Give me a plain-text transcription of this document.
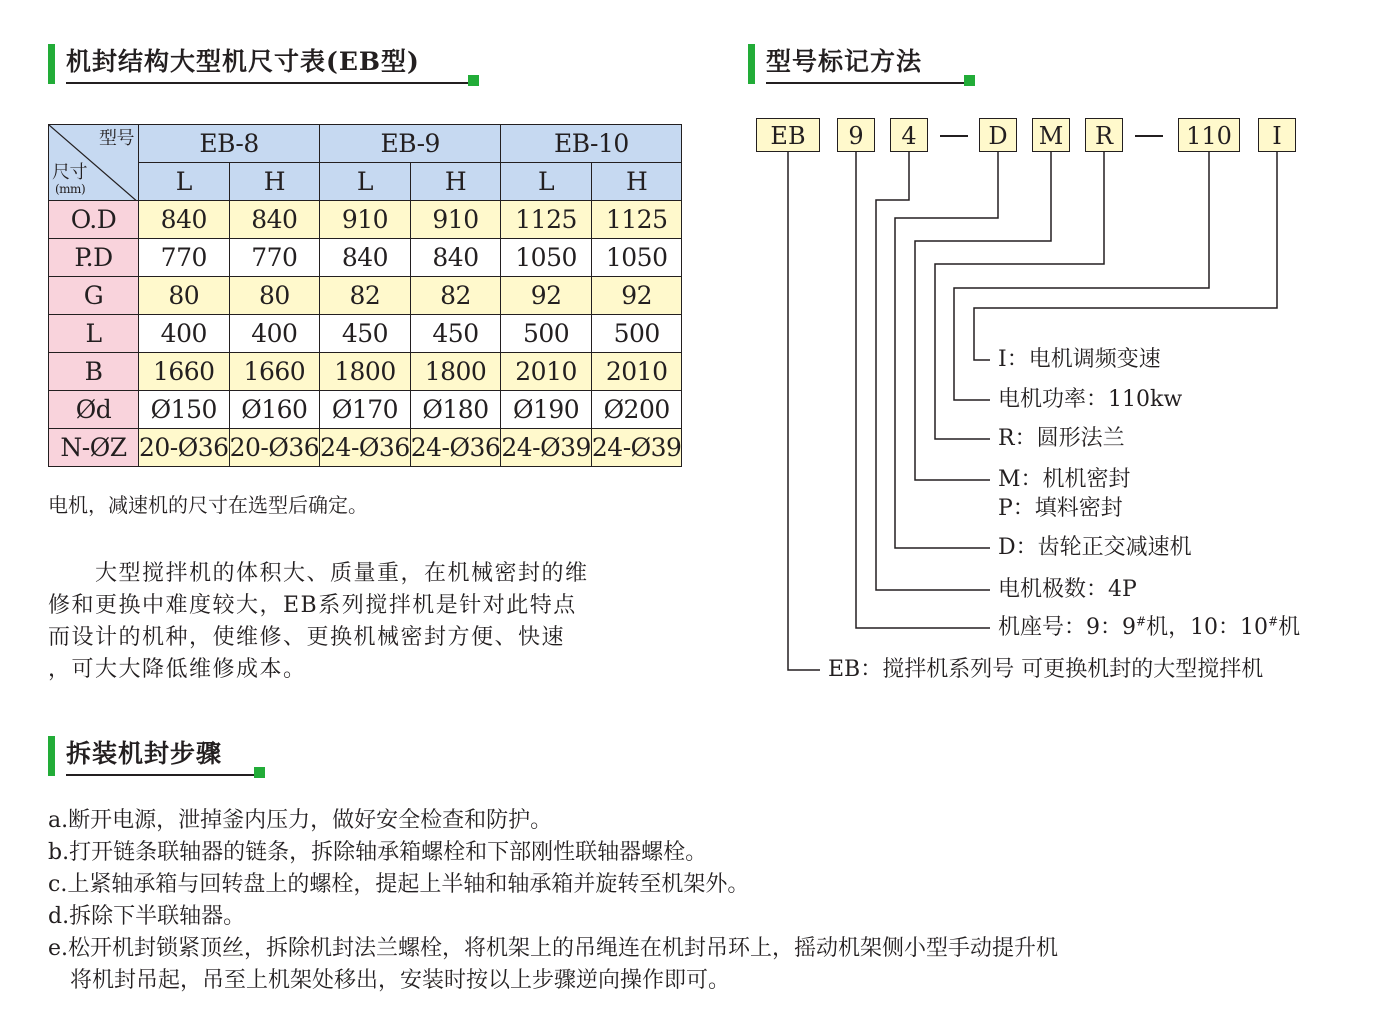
机封结构大型机尺寸表(EB型)
型号
尺寸
(mm)	EB-8		EB-9		EB-10	
	L	H	L	H	L	H
O.D	840	840	910	910	1125	1125
P.D	770	770	840	840	1050	1050
G	80	80	82	82	92	92
L	400	400	450	450	500	500
B	1660	1660	1800	1800	2010	2010
Ød	Ø150	Ø160	Ø170	Ø180	Ø190	Ø200
N-ØZ	20-Ø36	20-Ø36	24-Ø36	24-Ø36	24-Ø39	24-Ø39

电机，减速机的尺寸在选型后确定。

　　大型搅拌机的体积大、质量重，在机械密封的维

修和更换中难度较大，EB系列搅拌机是针对此特点

而设计的机种，使维修、更换机械密封方便、快速

，可大大降低维修成本。

型号标记方法
EB	9	4	D	M	R	110	I
I：电机调频变速
电机功率：110kw
R：圆形法兰
M：机机密封
P：填料密封
D：齿轮正交减速机
电机极数：4P
机座号：9：9#机，10：10#机
EB：搅拌机系列号 可更换机封的大型搅拌机
拆装机封步骤

a.断开电源，泄掉釜内压力，做好安全检查和防护。

b.打开链条联轴器的链条，拆除轴承箱螺栓和下部刚性联轴器螺栓。

c.上紧轴承箱与回转盘上的螺栓，提起上半轴和轴承箱并旋转至机架外。

d.拆除下半联轴器。

e.松开机封锁紧顶丝，拆除机封法兰螺栓，将机架上的吊绳连在机封吊环上，摇动机架侧小型手动提升机

　将机封吊起，吊至上机架处移出，安装时按以上步骤逆向操作即可。
